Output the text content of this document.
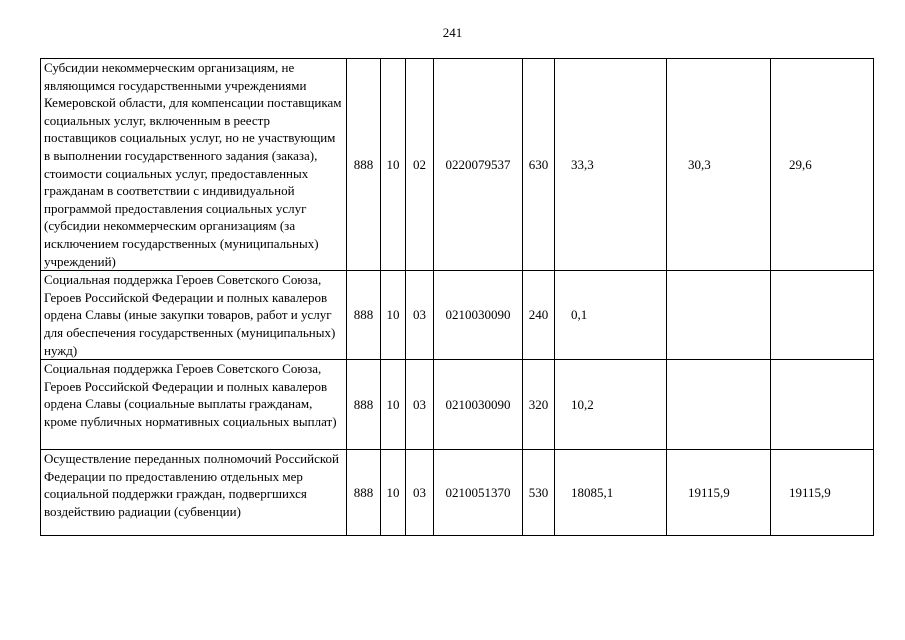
241
Субсидии некоммерческим организациям, не являющимся государственными учреждениями Кемеровской области, для компенсации поставщикам социальных услуг, включенным в реестр поставщиков социальных услуг, но не участвующим в выполнении государственного задания (заказа), стоимости социальных услуг, предоставленных гражданам в соответствии с индивидуальной программой предоставления социальных услуг (субсидии некоммерческим организациям (за исключением государственных (муниципальных) учреждений)	888	10	02	0220079537	630	33,3	30,3	29,6
Социальная поддержка Героев Советского Союза, Героев Российской Федерации и полных кавалеров ордена Славы (иные закупки товаров, работ и услуг для обеспечения государственных (муниципальных) нужд)	888	10	03	0210030090	240	0,1		
Социальная поддержка Героев Советского Союза, Героев Российской Федерации и полных кавалеров ордена Славы (социальные выплаты гражданам, кроме публичных нормативных социальных выплат)	888	10	03	0210030090	320	10,2		
Осуществление переданных полномочий Российской Федерации по предоставлению отдельных мер социальной поддержки граждан, подвергшихся воздействию радиации (субвенции)	888	10	03	0210051370	530	18085,1	19115,9	19115,9
